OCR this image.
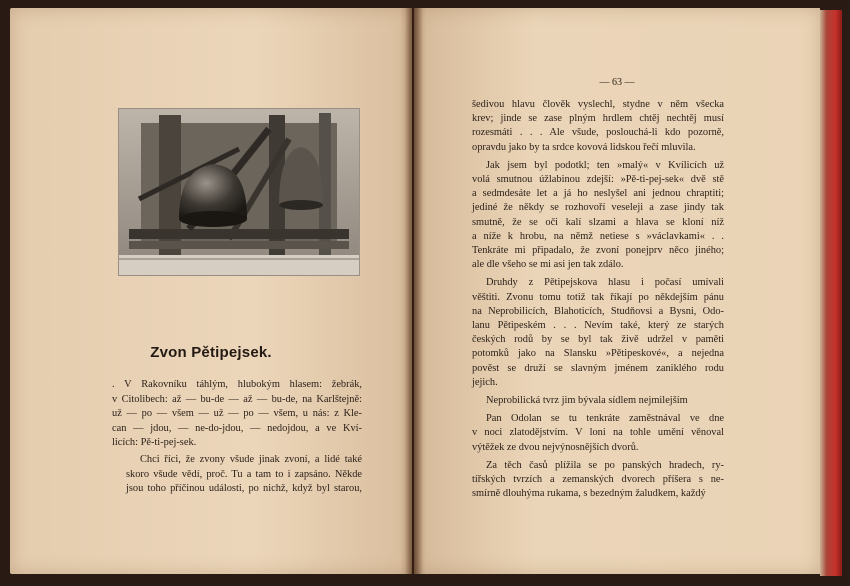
Zvon Pětipejsek.

. V Rakovníku táhlým, hlubokým hlasem: žebrák,
v Citolibech: až — bu-de — až — bu-de, na Karlštejně:
už — po — všem — už — po — všem, u nás: z Kle-
can — jdou, — ne-do-jdou, — nedojdou, a ve Kví-
licích: Pě-ti-pej-sek.

Chci říci, že zvony všude jinak zvoní, a lidé také
skoro všude vědí, proč. Tu a tam to i zapsáno. Někde
jsou toho příčinou události, po nichž, když byl starou,

— 63 —

šedivou hlavu člověk vyslechl, stydne v něm všecka
krev; jinde se zase plným hrdlem chtěj nechtěj musí
rozesmáti . . . Ale všude, poslouchá-li kdo pozorně,
opravdu jako by ta srdce kovová lidskou řečí mluvila.

Jak jsem byl podotkl; ten »malý« v Kvílicích už
volá smutnou úžlabinou zdejší: »Pě-ti-pej-sek« dvě stě
a sedmdesáte let a já ho neslyšel ani jednou chraptiti;
jediné že někdy se rozhovoří veseleji a zase jindy tak
smutně, že se oči kalí slzami a hlava se kloní níž
a níže k hrobu, na němž netiese s »václavkami« . .
Tenkráte mi připadalo, že zvoní ponejprv něco jiného;
ale dle všeho se mi asi jen tak zdálo.

Druhdy z Pětipejskova hlasu i počasí umívali
věštiti. Zvonu tomu totiž tak říkají po někdejším pánu
na Neprobilicích, Blahoticích, Studňovsi a Bysni, Odo-
lanu Pětipeském . . . Nevím také, který ze starých
českých rodů by se byl tak živě udržel v paměti
potomků jako na Slansku »Pětipeskové«, a nejedna
pověst se druží se slavným jménem zaniklého rodu
jejich.

Neprobilická tvrz jim bývala sídlem nejmilejším

Pan Odolan se tu tenkráte zaměstnával ve dne
v noci zlatodějstvím. V loni na tohle umění věnoval
výtěžek ze dvou nejvýnosnějších dvorů.

Za těch časů plížila se po panských hradech, ry-
tířských tvrzích a zemanských dvorech příšera s ne-
smírně dlouhýma rukama, s bezedným žaludkem, každý
